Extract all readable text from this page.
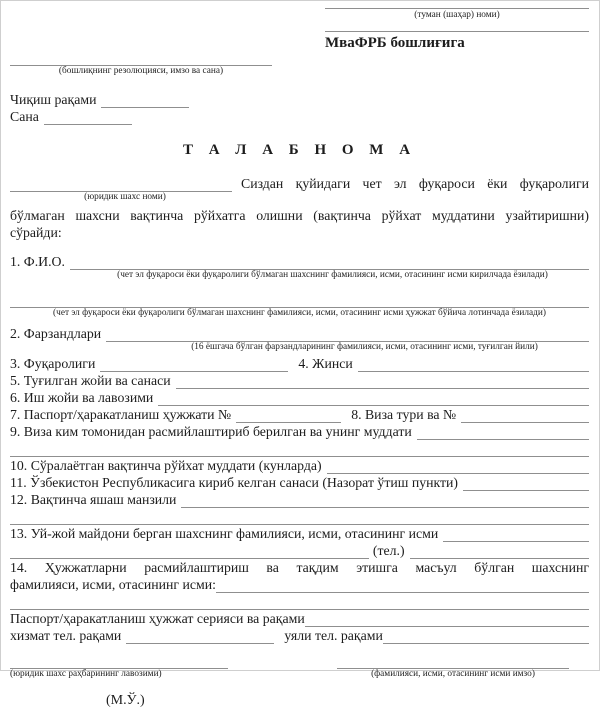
(туман (шаҳар) номи)
МваФРБ бошлиғига
(бошлиқнинг резолюцияси, имзо ва сана)
Чиқиш рақами
Сана
Т А Л А Б Н О М А
Сиздан қуйидаги чет эл фуқароси ёки фуқаролиги
(юридик шахс номи)
бўлмаган шахсни вақтинча рўйхатга олишни (вақтинча рўйхат муддатини узайтиришни)
сўрайди:
1. Ф.И.О.
(чет эл фуқароси ёки фуқаролиги бўлмаган шахснинг фамилияси, исми, отасининг исми кирилчада ёзилади)
(чет эл фуқароси ёки фуқаролиги бўлмаган шахснинг фамилияси, исми, отасининг исми ҳужжат бўйича лотинчада ёзилади)
2. Фарзандлари
(16 ёшгача бўлган фарзандларининг фамилияси, исми, отасининг исми, туғилган йили)
3. Фуқаролиги	4. Жинси
5. Туғилган жойи ва санаси
6. Иш жойи ва лавозими
7. Паспорт/ҳаракатланиш ҳужжати №	8. Виза тури ва №
9. Виза ким томонидан расмийлаштириб берилган ва унинг муддати
10. Сўралаётган вақтинча рўйхат муддати (кунларда)
11. Ўзбекистон Республикасига кириб келган санаси (Назорат ўтиш пункти)
12. Вақтинча яшаш манзили
13. Уй-жой майдони берган шахснинг фамилияси, исми, отасининг исми
(тел.)
14. Ҳужжатларни расмийлаштириш ва тақдим этишга масъул бўлган шахснинг
фамилияси, исми, отасининг исми:
Паспорт/ҳаракатланиш ҳужжат серияси ва рақами
хизмат тел. рақами	уяли тел. рақами
(юридик шахс раҳбарининг лавозими)	(фамилияси, исми, отасининг исми имзо)
(М.Ў.)
